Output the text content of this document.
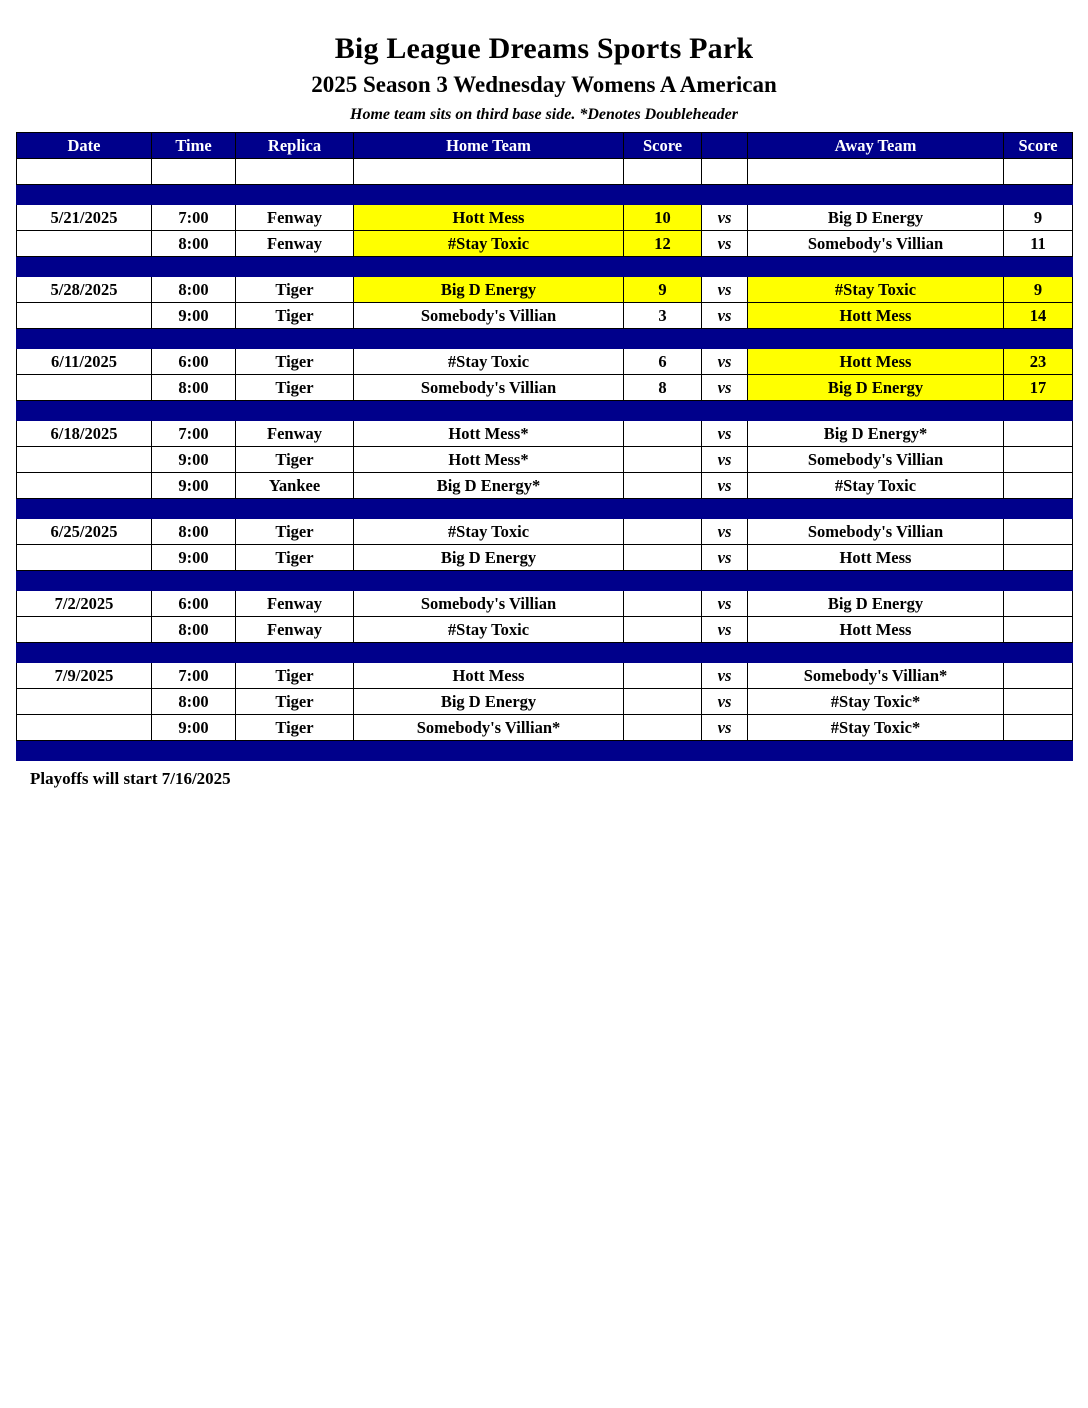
Big League Dreams Sports Park
2025 Season 3 Wednesday Womens A American
Home team sits on third base side. *Denotes Doubleheader
Date	Time	Replica	Home Team	Score		Away Team	Score

5/21/2025	7:00	Fenway	Hott Mess	10	vs	Big D Energy	9
	8:00	Fenway	#Stay Toxic	12	vs	Somebody's Villian	11

5/28/2025	8:00	Tiger	Big D Energy	9	vs	#Stay Toxic	9
	9:00	Tiger	Somebody's Villian	3	vs	Hott Mess	14

6/11/2025	6:00	Tiger	#Stay Toxic	6	vs	Hott Mess	23
	8:00	Tiger	Somebody's Villian	8	vs	Big D Energy	17

6/18/2025	7:00	Fenway	Hott Mess*		vs	Big D Energy*	
	9:00	Tiger	Hott Mess*		vs	Somebody's Villian	
	9:00	Yankee	Big D Energy*		vs	#Stay Toxic	

6/25/2025	8:00	Tiger	#Stay Toxic		vs	Somebody's Villian	
	9:00	Tiger	Big D Energy		vs	Hott Mess	

7/2/2025	6:00	Fenway	Somebody's Villian		vs	Big D Energy	
	8:00	Fenway	#Stay Toxic		vs	Hott Mess	

7/9/2025	7:00	Tiger	Hott Mess		vs	Somebody's Villian*	
	8:00	Tiger	Big D Energy		vs	#Stay Toxic*	
	9:00	Tiger	Somebody's Villian*		vs	#Stay Toxic*	

Playoffs will start 7/16/2025
